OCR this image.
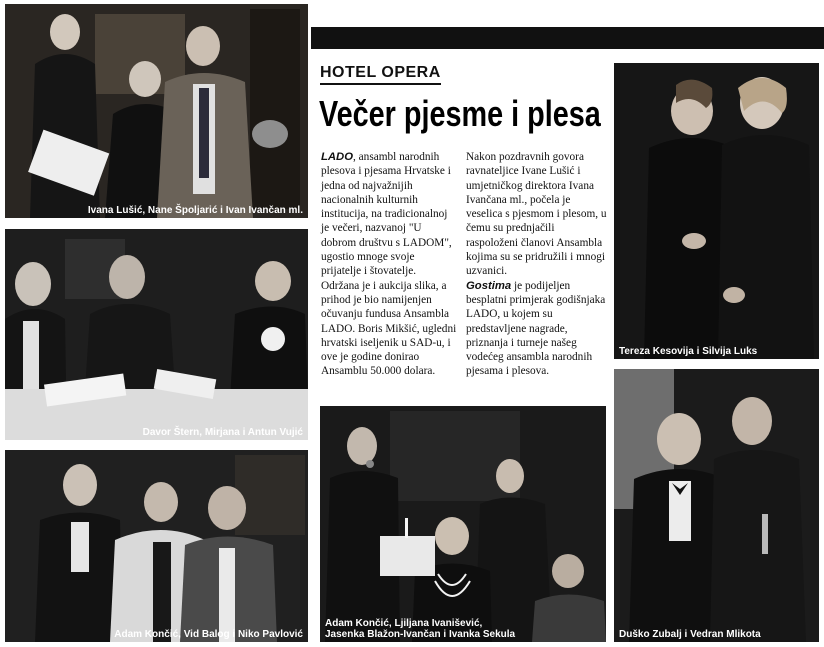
Ivana Lušić, Nane Špoljarić i Ivan Ivančan ml.
Davor Štern, Mirjana i Antun Vujić
Adam Končić, Vid Balog i Niko Pavlović
HOTEL OPERA
Večer pjesme i plesa

LADO, ansambl narodnih plesova i pjesama Hrvatske i jedna od najvažnijih nacionalnih kulturnih institucija, na tradicionalnoj je večeri, nazvanoj "U dobrom društvu s LADOM", ugostio mnoge svoje prijatelje i štovatelje. Održana je i aukcija slika, a prihod je bio namijenjen očuvanju fundusa Ansambla LADO. Boris Mikšić, ugledni hrvatski iseljenik u SAD-u, i ove je godine donirao Ansamblu 50.000 dolara.

Nakon pozdravnih govora ravnateljice Ivane Lušić i umjetničkog direktora Ivana Ivančana ml., počela je veselica s pjesmom i plesom, u čemu su prednjačili raspoloženi članovi Ansambla kojima su se pridružili i mnogi uzvanici.

Gostima je podijeljen besplatni primjerak godišnjaka LADO, u kojem su predstavljene nagrade, priznanja i turneje našeg vodećeg ansambla narodnih pjesama i plesova.

Adam Končić, Ljiljana Ivanišević,
Jasenka Blažon-Ivančan i Ivanka Sekula
Tereza Kesovija i Silvija Luks
Duško Zubalj i Vedran Mlikota
